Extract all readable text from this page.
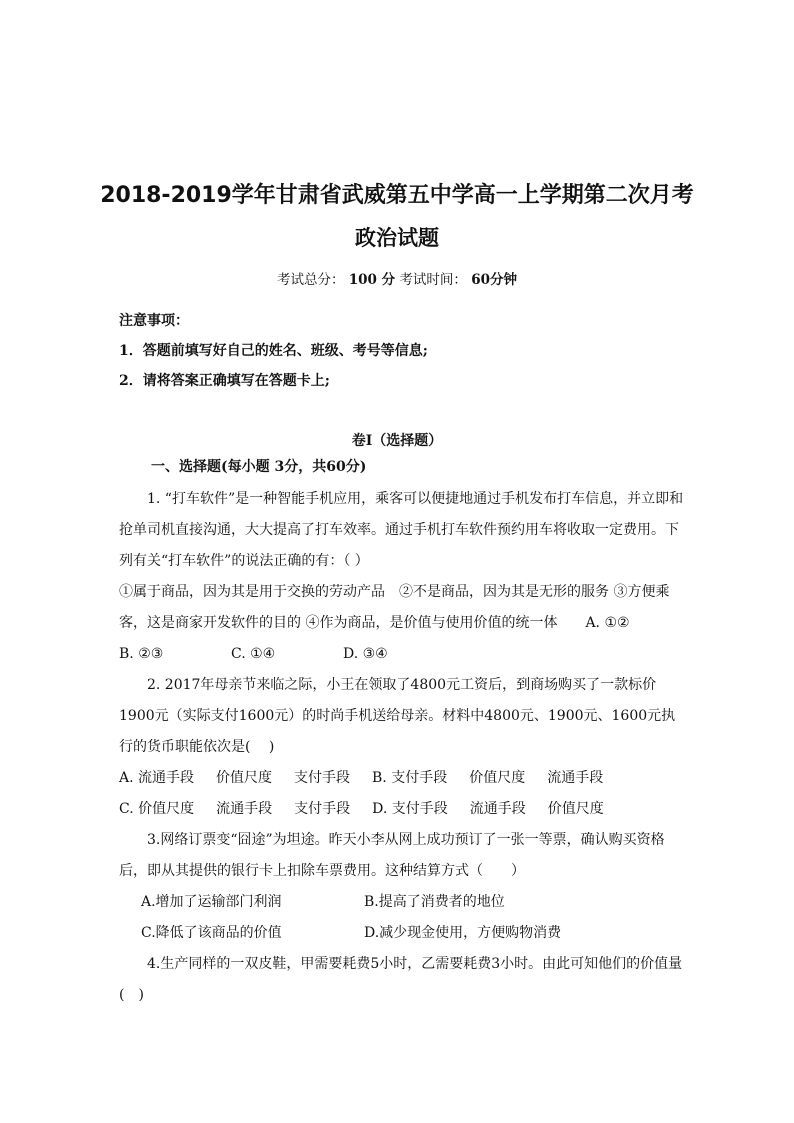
2018-2019学年甘肃省武威第五中学高一上学期第二次月考
政治试题
考试总分： 100 分 考试时间： 60分钟
注意事项：
1．答题前填写好自己的姓名、班级、考号等信息;
2．请将答案正确填写在答题卡上;
卷I（选择题）
一、选择题(每小题 3分，共60分)

1. “打车软件”是一种智能手机应用，乘客可以便捷地通过手机发布打车信息，并立即和抢单司机直接沟通，大大提高了打车效率。通过手机打车软件预约用车将收取一定费用。下列有关“打车软件”的说法正确的有：（ ）

①属于商品，因为其是用于交换的劳动产品　②不是商品，因为其是无形的服务 ③方便乘客，这是商家开发软件的目的 ④作为商品，是价值与使用价值的统一体　　A. ①②

B. ②③	C. ①④	D. ③④

2. 2017年母亲节来临之际，小王在领取了4800元工资后，到商场购买了一款标价1900元（实际支付1600元）的时尚手机送给母亲。材料中4800元、1900元、1600元执行的货币职能依次是(　 )

A. 流通手段 价值尺度 支付手段 B. 支付手段 价值尺度 流通手段

C. 价值尺度 流通手段 支付手段 D. 支付手段 流通手段 价值尺度

3.网络订票变“囧途”为坦途。昨天小李从网上成功预订了一张一等票，确认购买资格后，即从其提供的银行卡上扣除车票费用。这种结算方式（　　）

A.增加了运输部门利润	B.提高了消费者的地位

C.降低了该商品的价值	D.减少现金使用，方便购物消费

4.生产同样的一双皮鞋，甲需要耗费5小时，乙需要耗费3小时。由此可知他们的价值量(　)
